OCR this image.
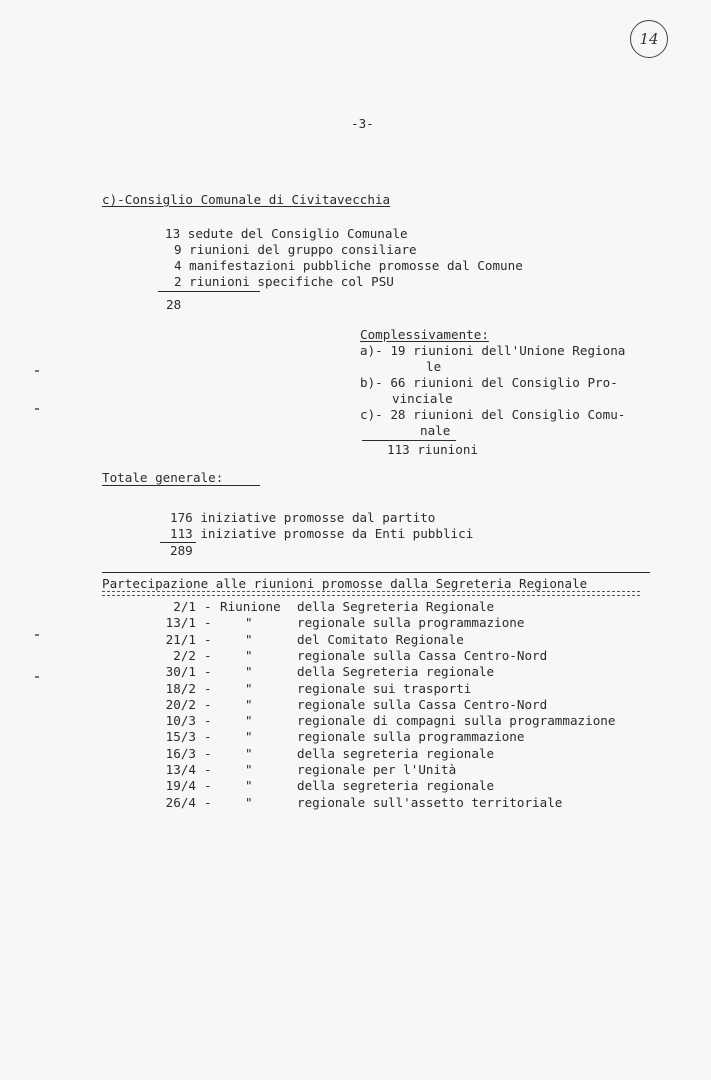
14
-3-
c)-Consiglio Comunale di Civitavecchia
13 sedute del Consiglio Comunale
9 riunioni del gruppo consiliare
4 manifestazioni pubbliche promosse dal Comune
2 riunioni specifiche col PSU
28
Complessivamente:
a)- 19 riunioni dell'Unione Regiona
le
b)- 66 riunioni del Consiglio Pro-
vinciale
c)- 28 riunioni del Consiglio Comu-
nale
113 riunioni
Totale generale:
176 iniziative promosse dal partito
113 iniziative promosse da Enti pubblici
289
Partecipazione alle riunioni promosse dalla Segreteria Regionale
2/1 - Riunione della Segreteria Regionale
13/1 -	"	regionale sulla programmazione
21/1 -	"	del Comitato Regionale
2/2 -	"	regionale sulla Cassa Centro-Nord
30/1 -	"	della Segreteria regionale
18/2 -	"	regionale sui trasporti
20/2 -	"	regionale sulla Cassa Centro-Nord
10/3 -	"	regionale di compagni sulla programmazione
15/3 -	"	regionale sulla programmazione
16/3 -	"	della segreteria regionale
13/4 -	"	regionale per l'Unità
19/4 -	"	della segreteria regionale
26/4 -	"	regionale sull'assetto territoriale
